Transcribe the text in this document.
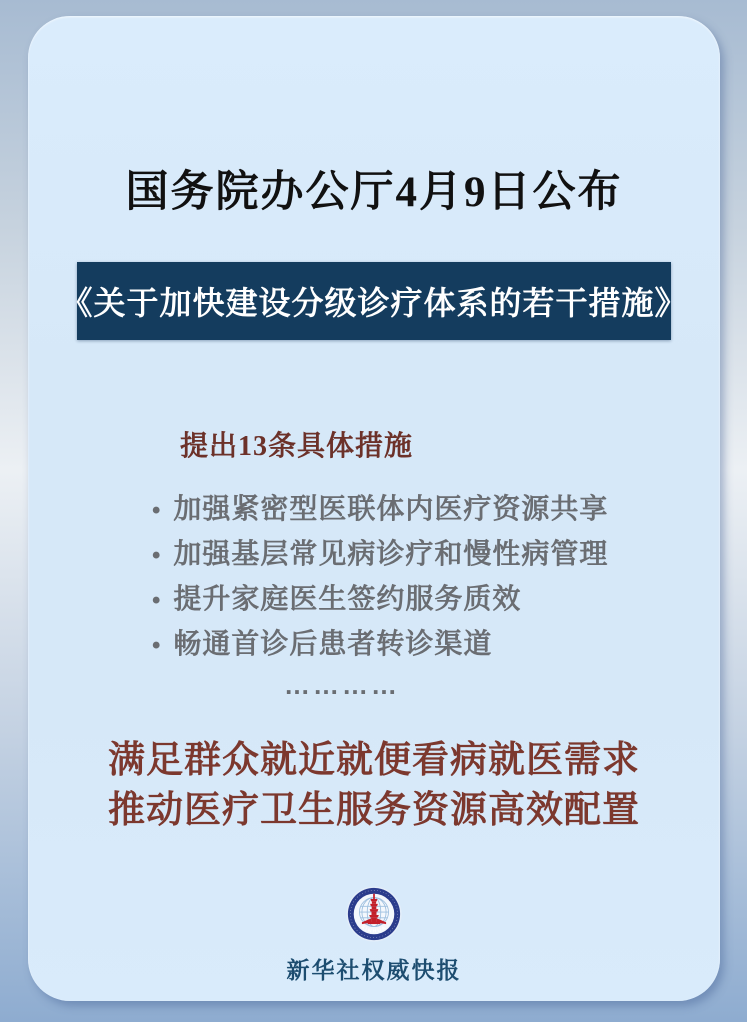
国务院办公厅4月9日公布
《关于加快建设分级诊疗体系的若干措施》
提出13条具体措施
• 加强紧密型医联体内医疗资源共享
• 加强基层常见病诊疗和慢性病管理
• 提升家庭医生签约服务质效
• 畅通首诊后患者转诊渠道
…………
满足群众就近就便看病就医需求
推动医疗卫生服务资源高效配置
XINHUA
新华社权威快报
